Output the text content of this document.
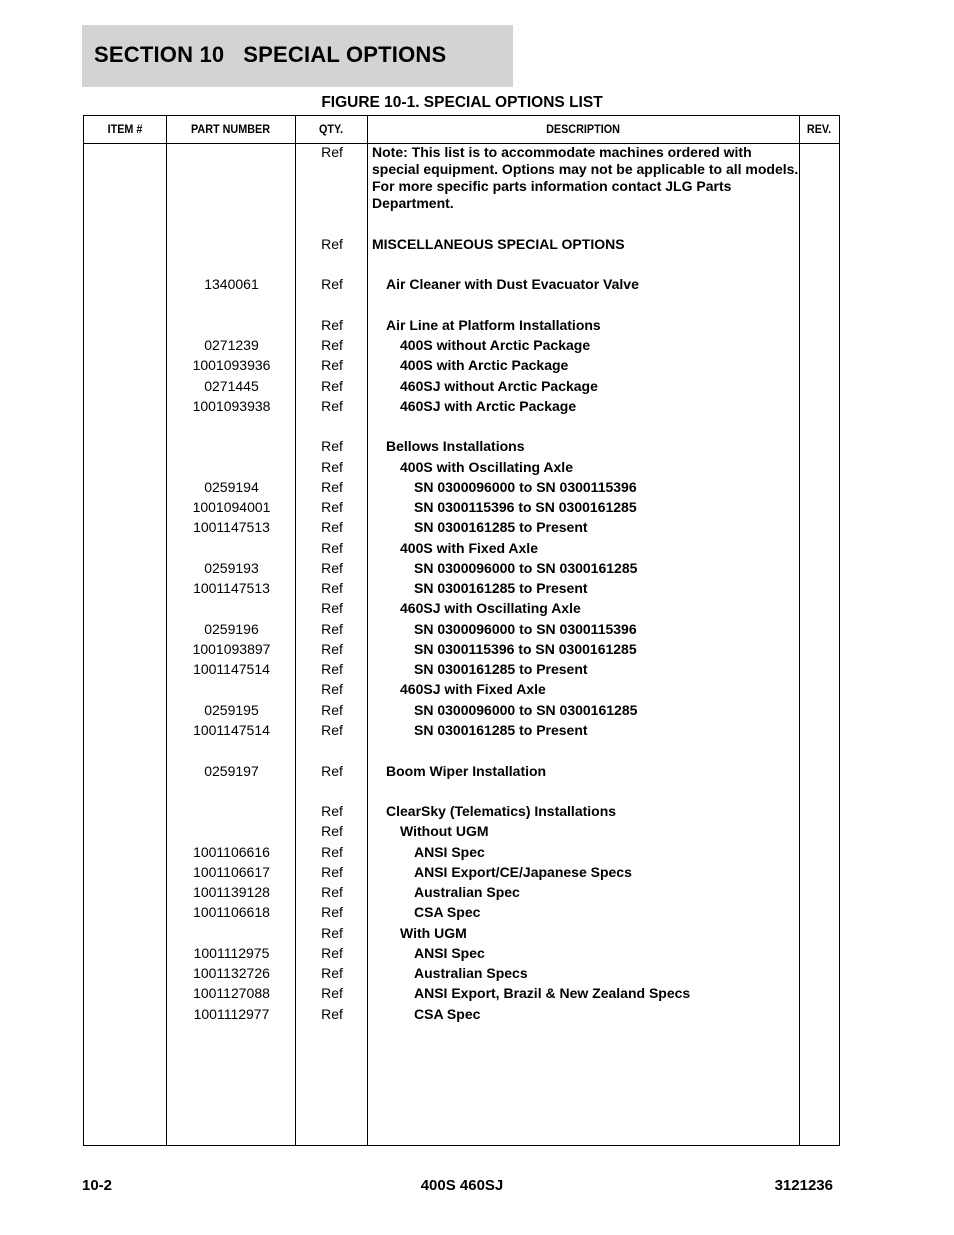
SECTION 10   SPECIAL OPTIONS
FIGURE 10-1. SPECIAL OPTIONS LIST
ITEM #	PART NUMBER	QTY.	DESCRIPTION	REV.
Ref	Note: This list is to accommodate machines ordered with special equipment. Options may not be applicable to all models. For more specific parts information contact JLG Parts Department.
Ref	MISCELLANEOUS SPECIAL OPTIONS
1340061	Ref	Air Cleaner with Dust Evacuator Valve
Ref	Air Line at Platform Installations
0271239	Ref	400S without Arctic Package
1001093936	Ref	400S with Arctic Package
0271445	Ref	460SJ without Arctic Package
1001093938	Ref	460SJ with Arctic Package
Ref	Bellows Installations
Ref	400S with Oscillating Axle
0259194	Ref	SN 0300096000 to SN 0300115396
1001094001	Ref	SN 0300115396 to SN 0300161285
1001147513	Ref	SN 0300161285 to Present
Ref	400S with Fixed Axle
0259193	Ref	SN 0300096000 to SN 0300161285
1001147513	Ref	SN 0300161285 to Present
Ref	460SJ with Oscillating Axle
0259196	Ref	SN 0300096000 to SN 0300115396
1001093897	Ref	SN 0300115396 to SN 0300161285
1001147514	Ref	SN 0300161285 to Present
Ref	460SJ with Fixed Axle
0259195	Ref	SN 0300096000 to SN 0300161285
1001147514	Ref	SN 0300161285 to Present
0259197	Ref	Boom Wiper Installation
Ref	ClearSky (Telematics) Installations
Ref	Without UGM
1001106616	Ref	ANSI Spec
1001106617	Ref	ANSI Export/CE/Japanese Specs
1001139128	Ref	Australian Spec
1001106618	Ref	CSA Spec
Ref	With UGM
1001112975	Ref	ANSI Spec
1001132726	Ref	Australian Specs
1001127088	Ref	ANSI Export, Brazil & New Zealand Specs
1001112977	Ref	CSA Spec
10-2	400S 460SJ	3121236
